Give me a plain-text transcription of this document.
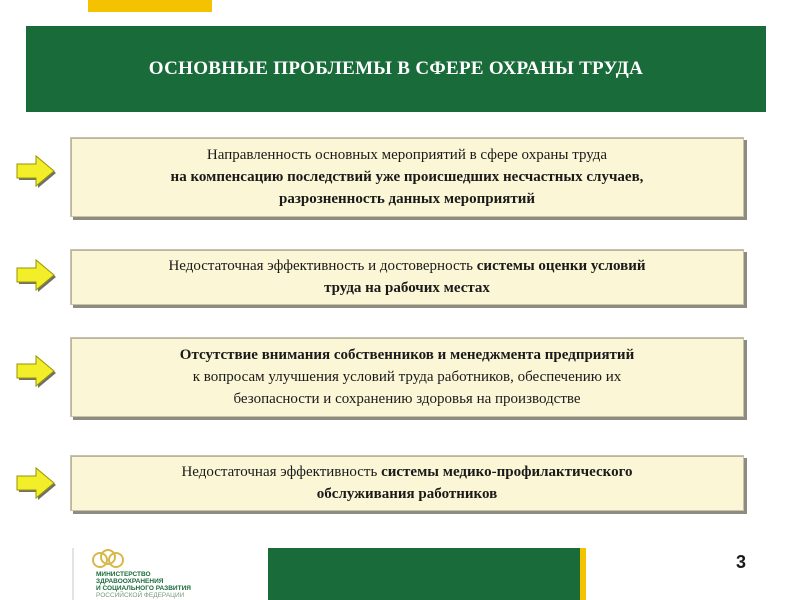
ОСНОВНЫЕ ПРОБЛЕМЫ В СФЕРЕ ОХРАНЫ ТРУДА
Направленность основных мероприятий в сфере охраны труда
на компенсацию последствий уже происшедших несчастных случаев,
разрозненность данных мероприятий
Недостаточная эффективность и достоверность системы оценки условий
труда на рабочих местах
Отсутствие внимания собственников и менеджмента предприятий
к вопросам улучшения условий труда работников, обеспечению их
безопасности и сохранению здоровья на производстве
Недостаточная эффективность системы медико-профилактического
обслуживания работников
МИНИСТЕРСТВО
ЗДРАВООХРАНЕНИЯ
И СОЦИАЛЬНОГО РАЗВИТИЯ
РОССИЙСКОЙ ФЕДЕРАЦИИ
3
